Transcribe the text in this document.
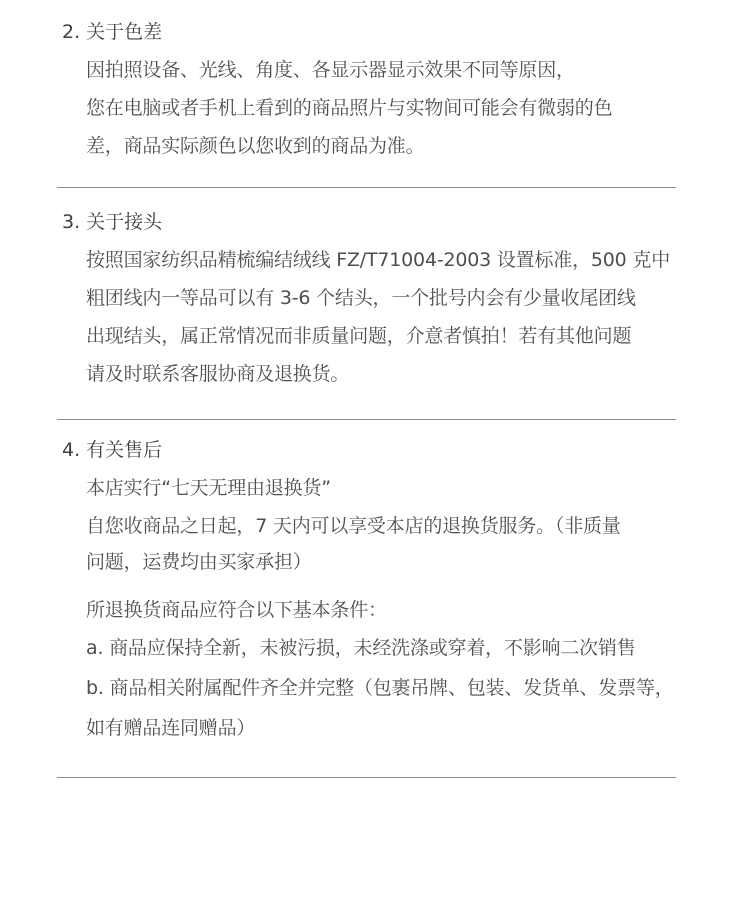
2. 关于色差
因拍照设备、光线、角度、各显示器显示效果不同等原因，
您在电脑或者手机上看到的商品照片与实物间可能会有微弱的色
差，商品实际颜色以您收到的商品为准。
3. 关于接头
按照国家纺织品精梳编结绒线 FZ/T71004-2003 设置标准，500 克中
粗团线内一等品可以有 3-6 个结头，一个批号内会有少量收尾团线
出现结头，属正常情况而非质量问题，介意者慎拍！若有其他问题
请及时联系客服协商及退换货。
4. 有关售后
本店实行“七天无理由退换货”
自您收商品之日起，7 天内可以享受本店的退换货服务。（非质量
问题，运费均由买家承担）
所退换货商品应符合以下基本条件：
a. 商品应保持全新，未被污损，未经洗涤或穿着，不影响二次销售
b. 商品相关附属配件齐全并完整（包裹吊牌、包装、发货单、发票等，
如有赠品连同赠品）
